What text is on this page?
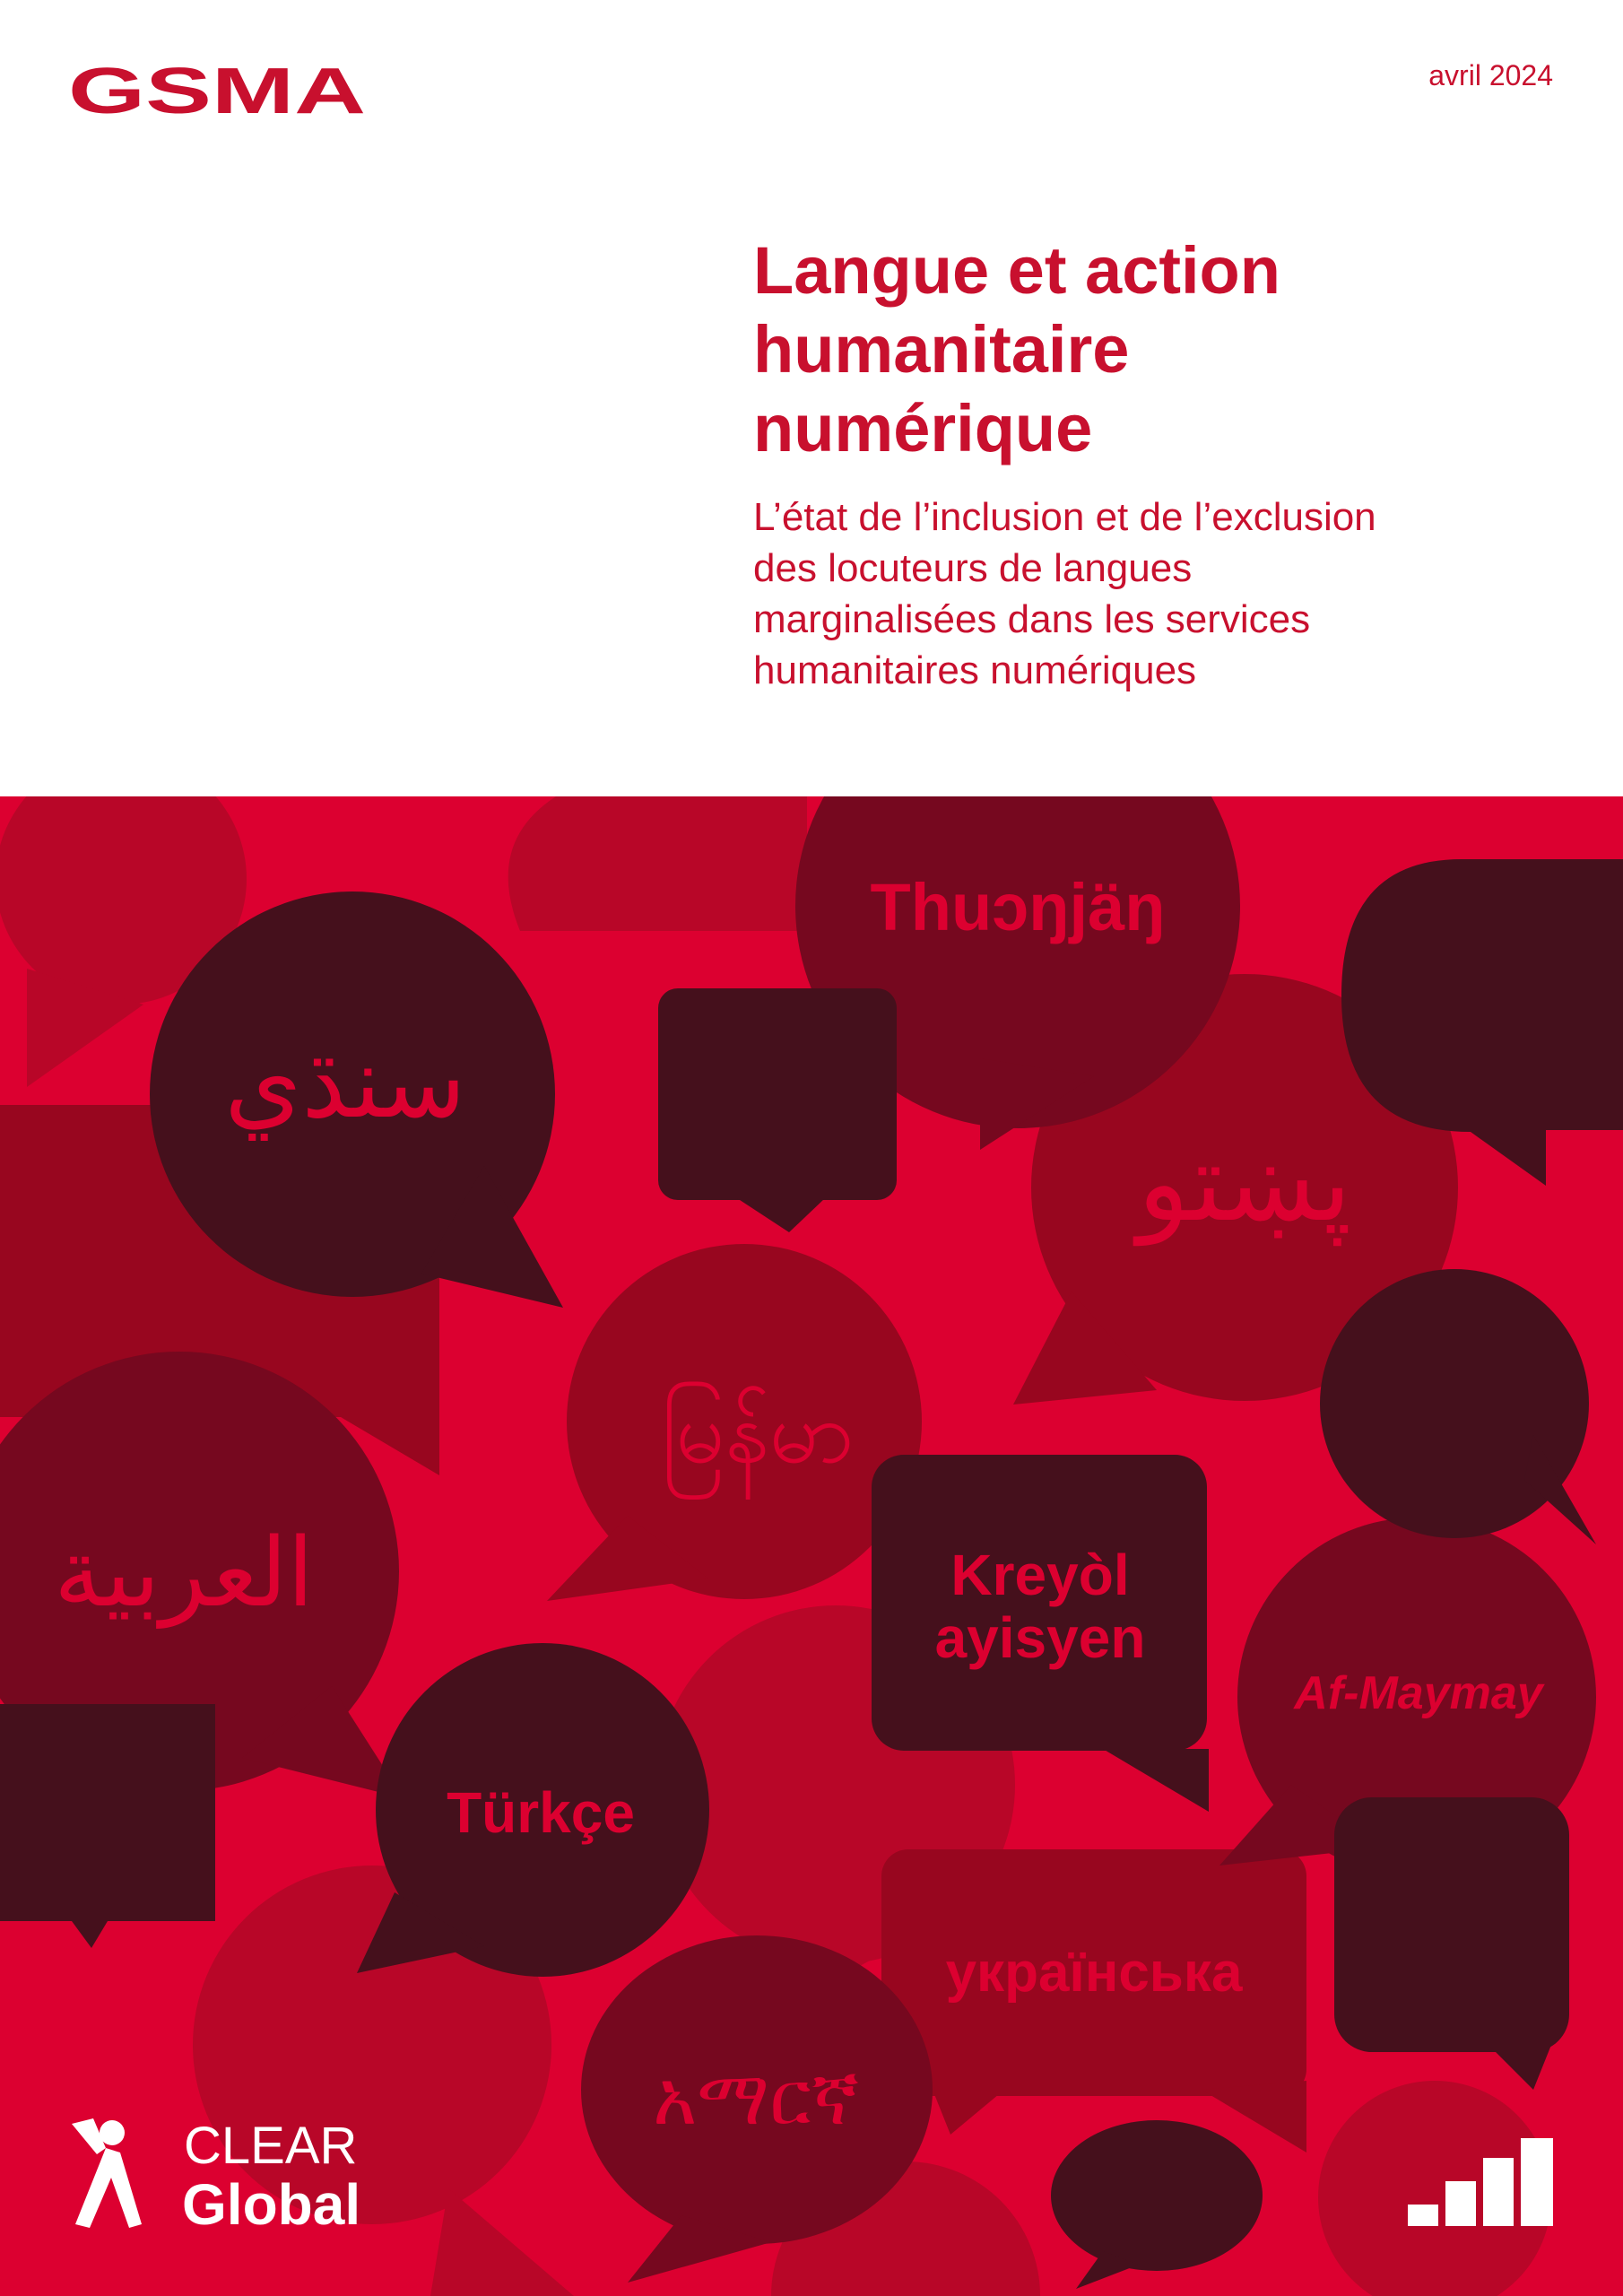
GSMA	avril 2024
Langue et action humanitaire numérique

L’état de l’inclusion et de l’exclusion des locuteurs de langues marginalisées dans les services humanitaires numériques

Thuɔŋjäŋ
سنڌي
پښتو
မြန်မာ
العربية	Kreyòl
ayisyen
Af-Maymay
Türkçe
українська
አማርኛ
CLEAR
Global
